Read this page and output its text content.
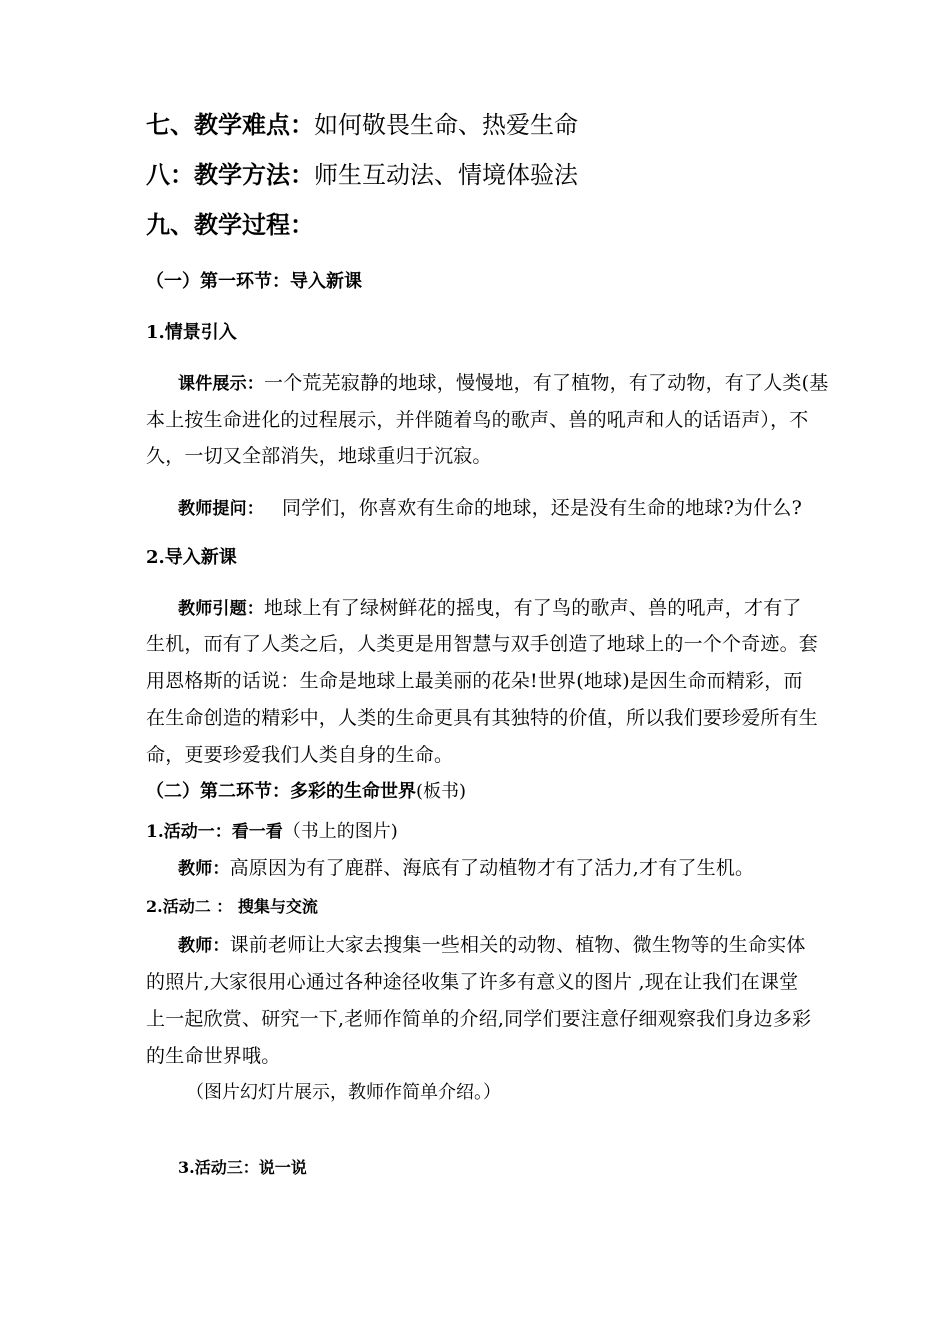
七、教学难点：如何敬畏生命、热爱生命
八：教学方法：师生互动法、情境体验法
九、教学过程：
（一）第一环节：导入新课
1.情景引入
课件展示：一个荒芜寂静的地球，慢慢地，有了植物，有了动物，有了人类(基
本上按生命进化的过程展示，并伴随着鸟的歌声、兽的吼声和人的话语声），不
久，一切又全部消失，地球重归于沉寂。
教师提问： 同学们，你喜欢有生命的地球，还是没有生命的地球?为什么?
2.导入新课
教师引题：地球上有了绿树鲜花的摇曳，有了鸟的歌声、兽的吼声，才有了
生机，而有了人类之后，人类更是用智慧与双手创造了地球上的一个个奇迹。套
用恩格斯的话说：生命是地球上最美丽的花朵!世界(地球)是因生命而精彩，而
在生命创造的精彩中，人类的生命更具有其独特的价值，所以我们要珍爱所有生
命，更要珍爱我们人类自身的生命。
（二）第二环节：多彩的生命世界(板书)
1.活动一：看一看（书上的图片)
教师：高原因为有了鹿群、海底有了动植物才有了活力,才有了生机。
2.活动二 ： 搜集与交流
教师：课前老师让大家去搜集一些相关的动物、植物、微生物等的生命实体
的照片,大家很用心通过各种途径收集了许多有意义的图片 ,现在让我们在课堂
上一起欣赏、研究一下,老师作简单的介绍,同学们要注意仔细观察我们身边多彩
的生命世界哦。
（图片幻灯片展示，教师作简单介绍。）
3.活动三：说一说
